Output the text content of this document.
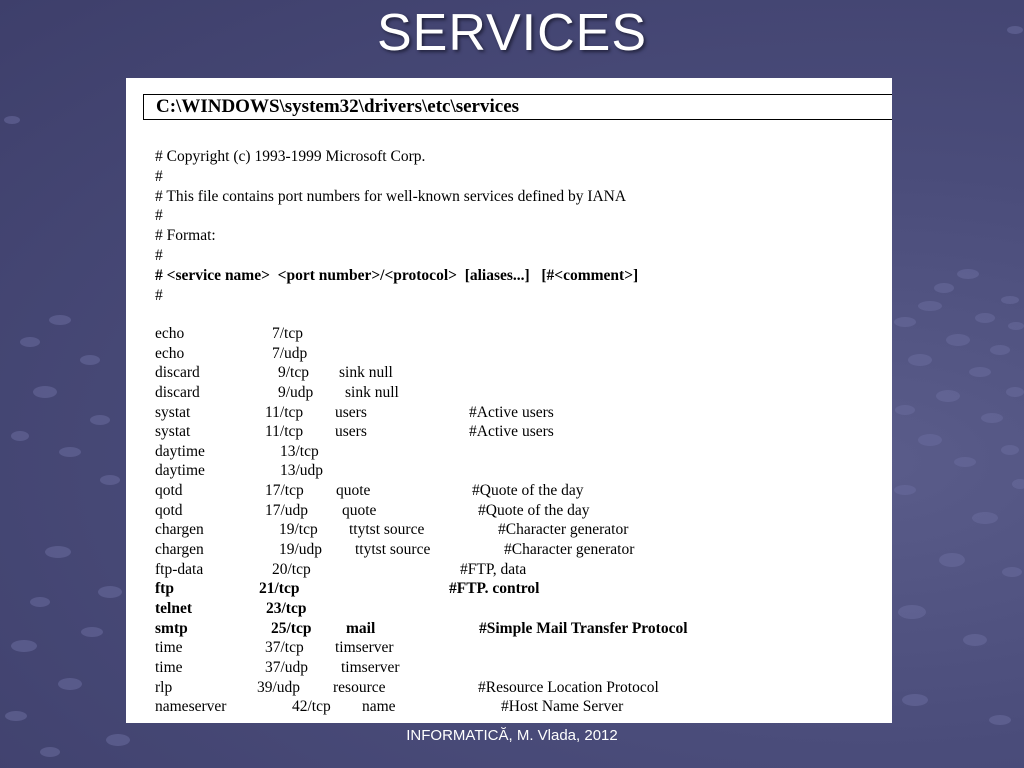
SERVICES
C:\WINDOWS\system32\drivers\etc\services
# Copyright (c) 1993-1999 Microsoft Corp.
#
# This file contains port numbers for well-known services defined by IANA
#
# Format:
#
# <service name>  <port number>/<protocol>  [aliases...]   [#<comment>]
#
echo	7/tcp
echo	7/udp
discard	9/tcp sink null
discard	9/udp sink null
systat	11/tcp users	#Active users
systat	11/tcp users	#Active users
daytime	13/tcp
daytime	13/udp
qotd	17/tcp quote	#Quote of the day
qotd	17/udp quote	#Quote of the day
chargen	19/tcp ttytst source	#Character generator
chargen	19/udp ttytst source	#Character generator
ftp-data	20/tcp	#FTP, data
ftp	21/tcp	#FTP. control
telnet	23/tcp
smtp	25/tcp mail	#Simple Mail Transfer Protocol
time	37/tcp timserver
time	37/udp timserver
rlp	39/udp resource	#Resource Location Protocol
nameserver	42/tcp name	#Host Name Server
INFORMATICĂ, M. Vlada, 2012
